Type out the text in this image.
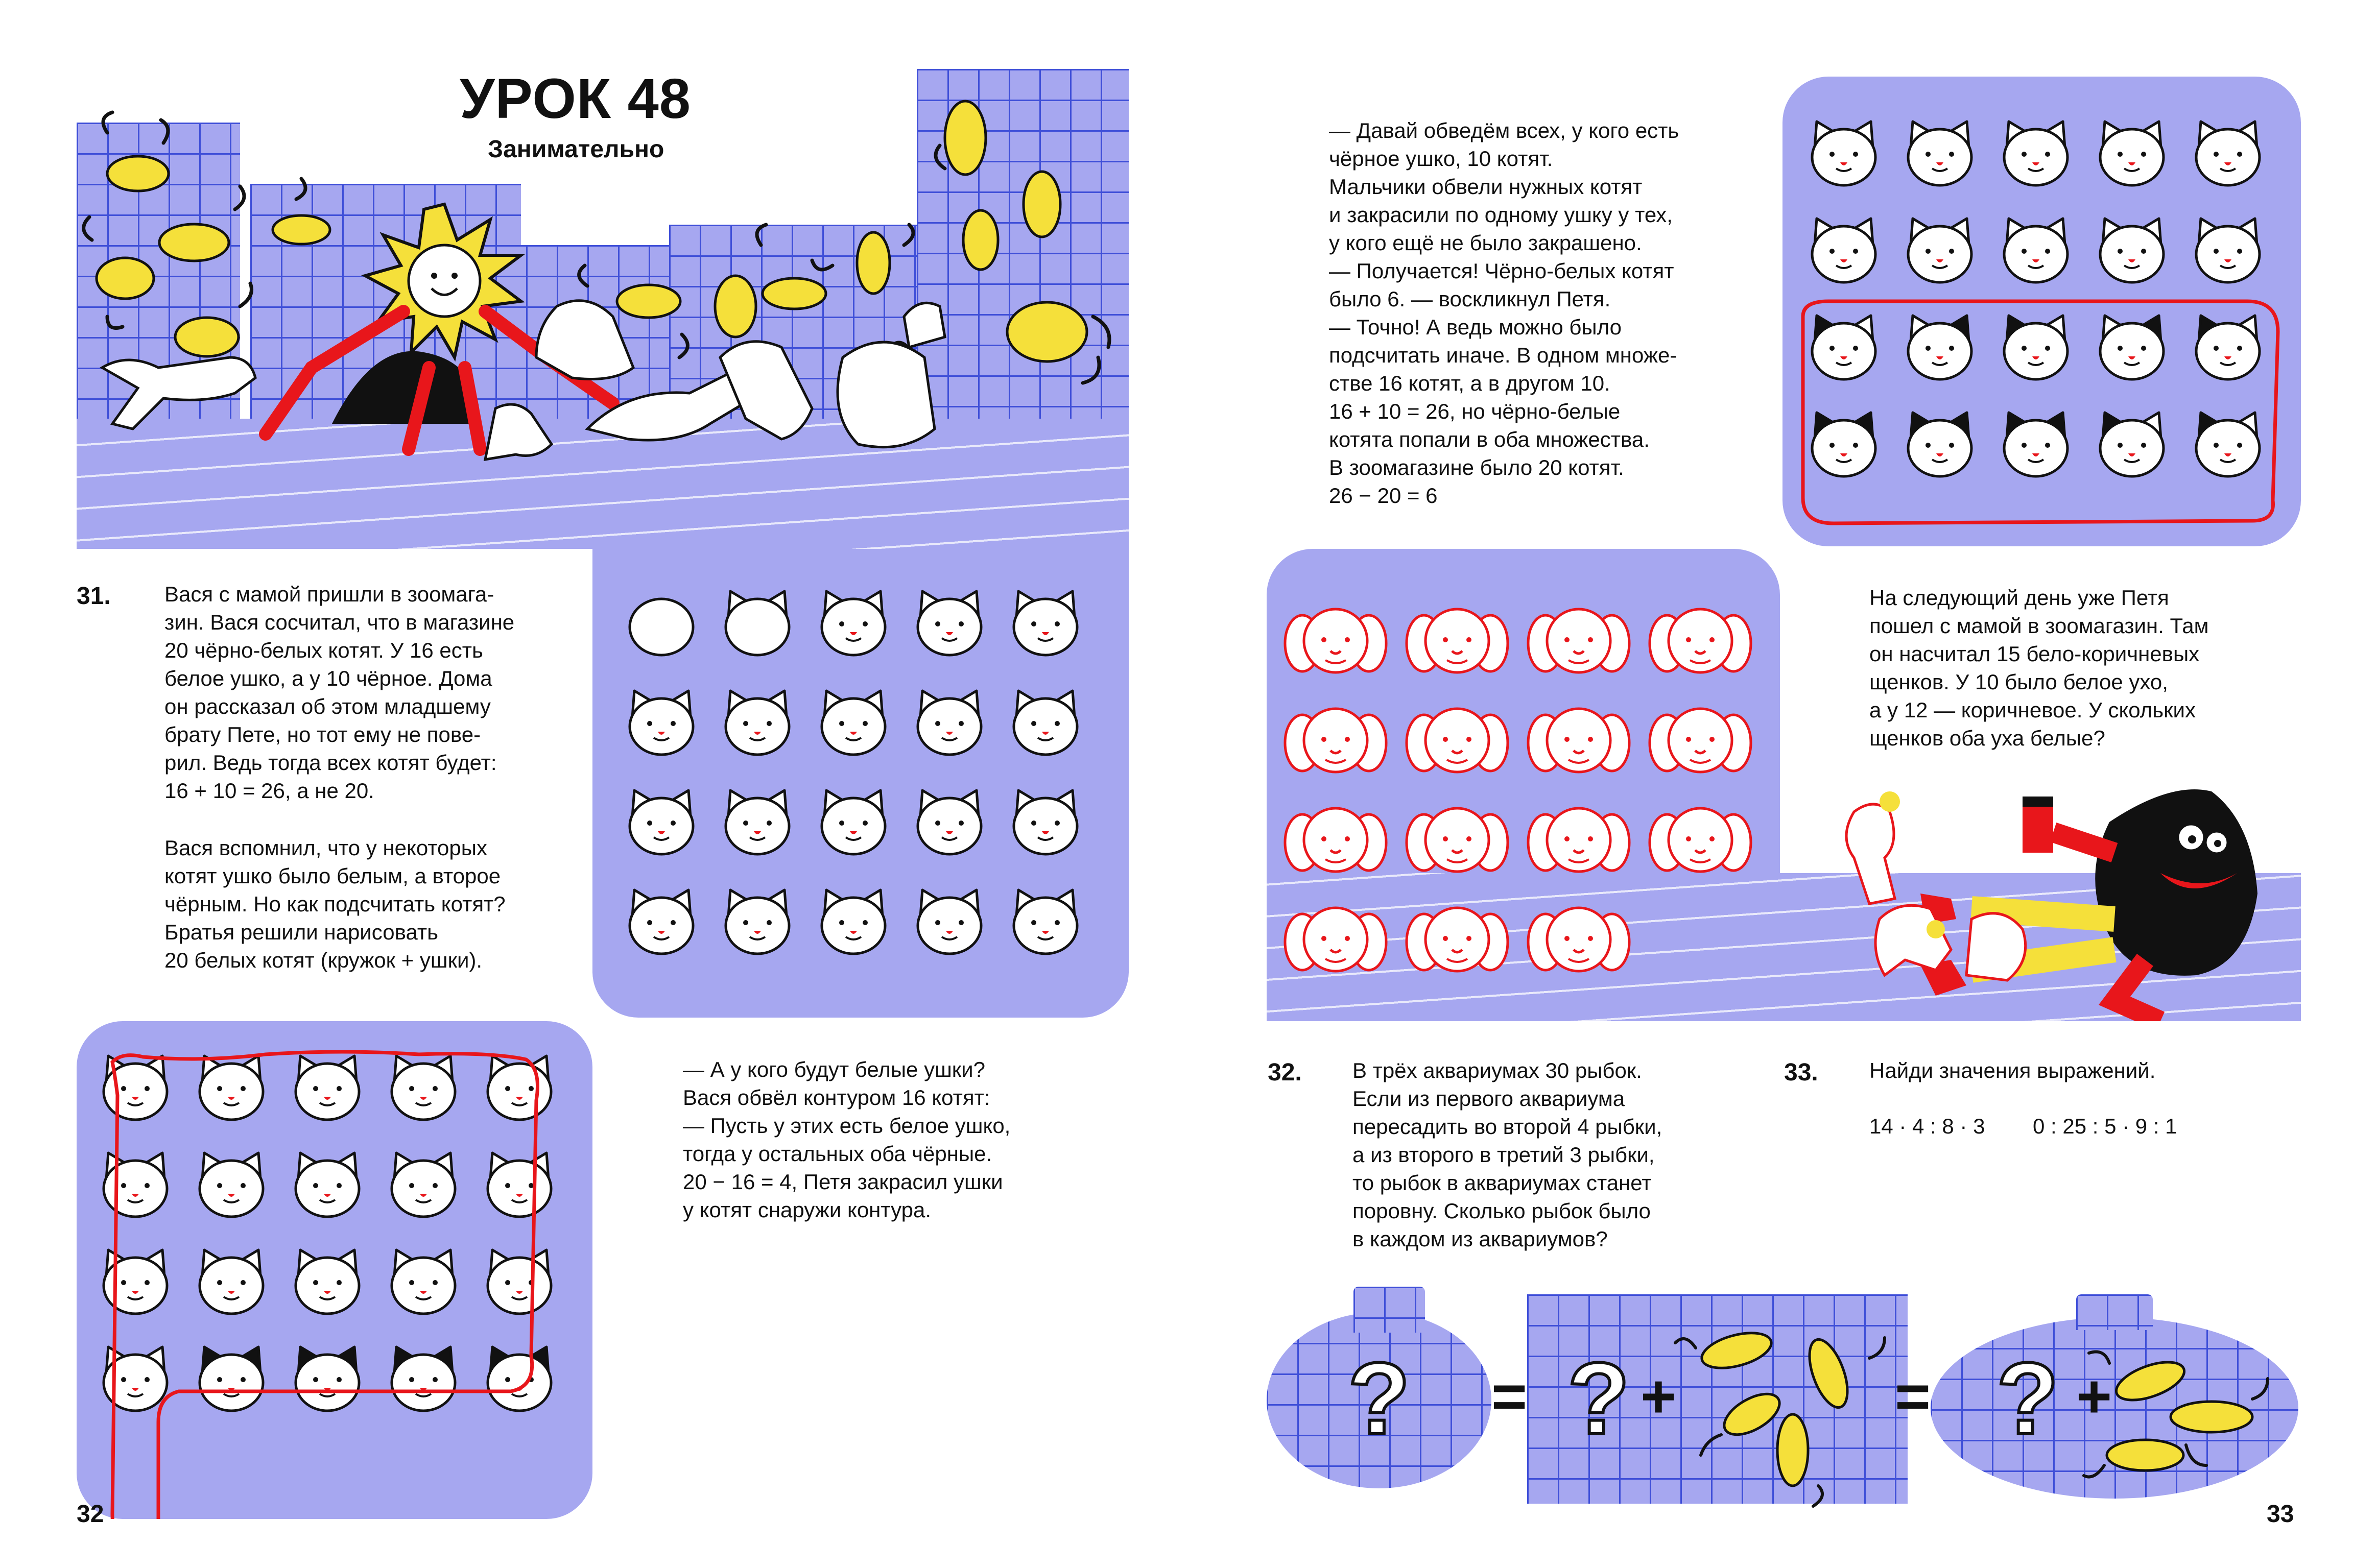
УРОК 48
Занимательно
31.	Вася с мамой пришли в зоомага-
зин. Вася сосчитал, что в магазине
20 чёрно-белых котят. У 16 есть
белое ушко, а у 10 чёрное. Дома
он рассказал об этом младшему
брату Пете, но тот ему не пове-
рил. Ведь тогда всех котят будет:
16 + 10 = 26, а не 20.
Вася вспомнил, что у некоторых
котят ушко было белым, а второе
чёрным. Но как подсчитать котят?
Братья решили нарисовать
20 белых котят (кружок + ушки).
— А у кого будут белые ушки?
Вася обвёл контуром 16 котят:
— Пусть у этих есть белое ушко,
тогда у остальных оба чёрные.
20 − 16 = 4, Петя закрасил ушки
у котят снаружи контура.
32
— Давай обведём всех, у кого есть
чёрное ушко, 10 котят.
Мальчики обвели нужных котят
и закрасили по одному ушку у тех,
у кого ещё не было закрашено.
— Получается! Чёрно-белых котят
было 6. — воскликнул Петя.
— Точно! А ведь можно было
подсчитать иначе. В одном множе-
стве 16 котят, а в другом 10.
16 + 10 = 26, но чёрно-белые
котята попали в оба множества.
В зоомагазине было 20 котят.
26 − 20 = 6
На следующий день уже Петя
пошел с мамой в зоомагазин. Там
он насчитал 15 бело-коричневых
щенков. У 10 было белое ухо,
а у 12 — коричневое. У скольких
щенков оба уха белые?
32. В трёх аквариумах 30 рыбок.
Если из первого аквариума
пересадить во второй 4 рыбки,
а из второго в третий 3 рыбки,
то рыбок в аквариумах станет
поровну. Сколько рыбок было
в каждом из аквариумов?
33. Найди значения выражений.
14 · 4 : 8 · 3 0 : 25 : 5 · 9 : 1
? = ? +	= ? +
33
